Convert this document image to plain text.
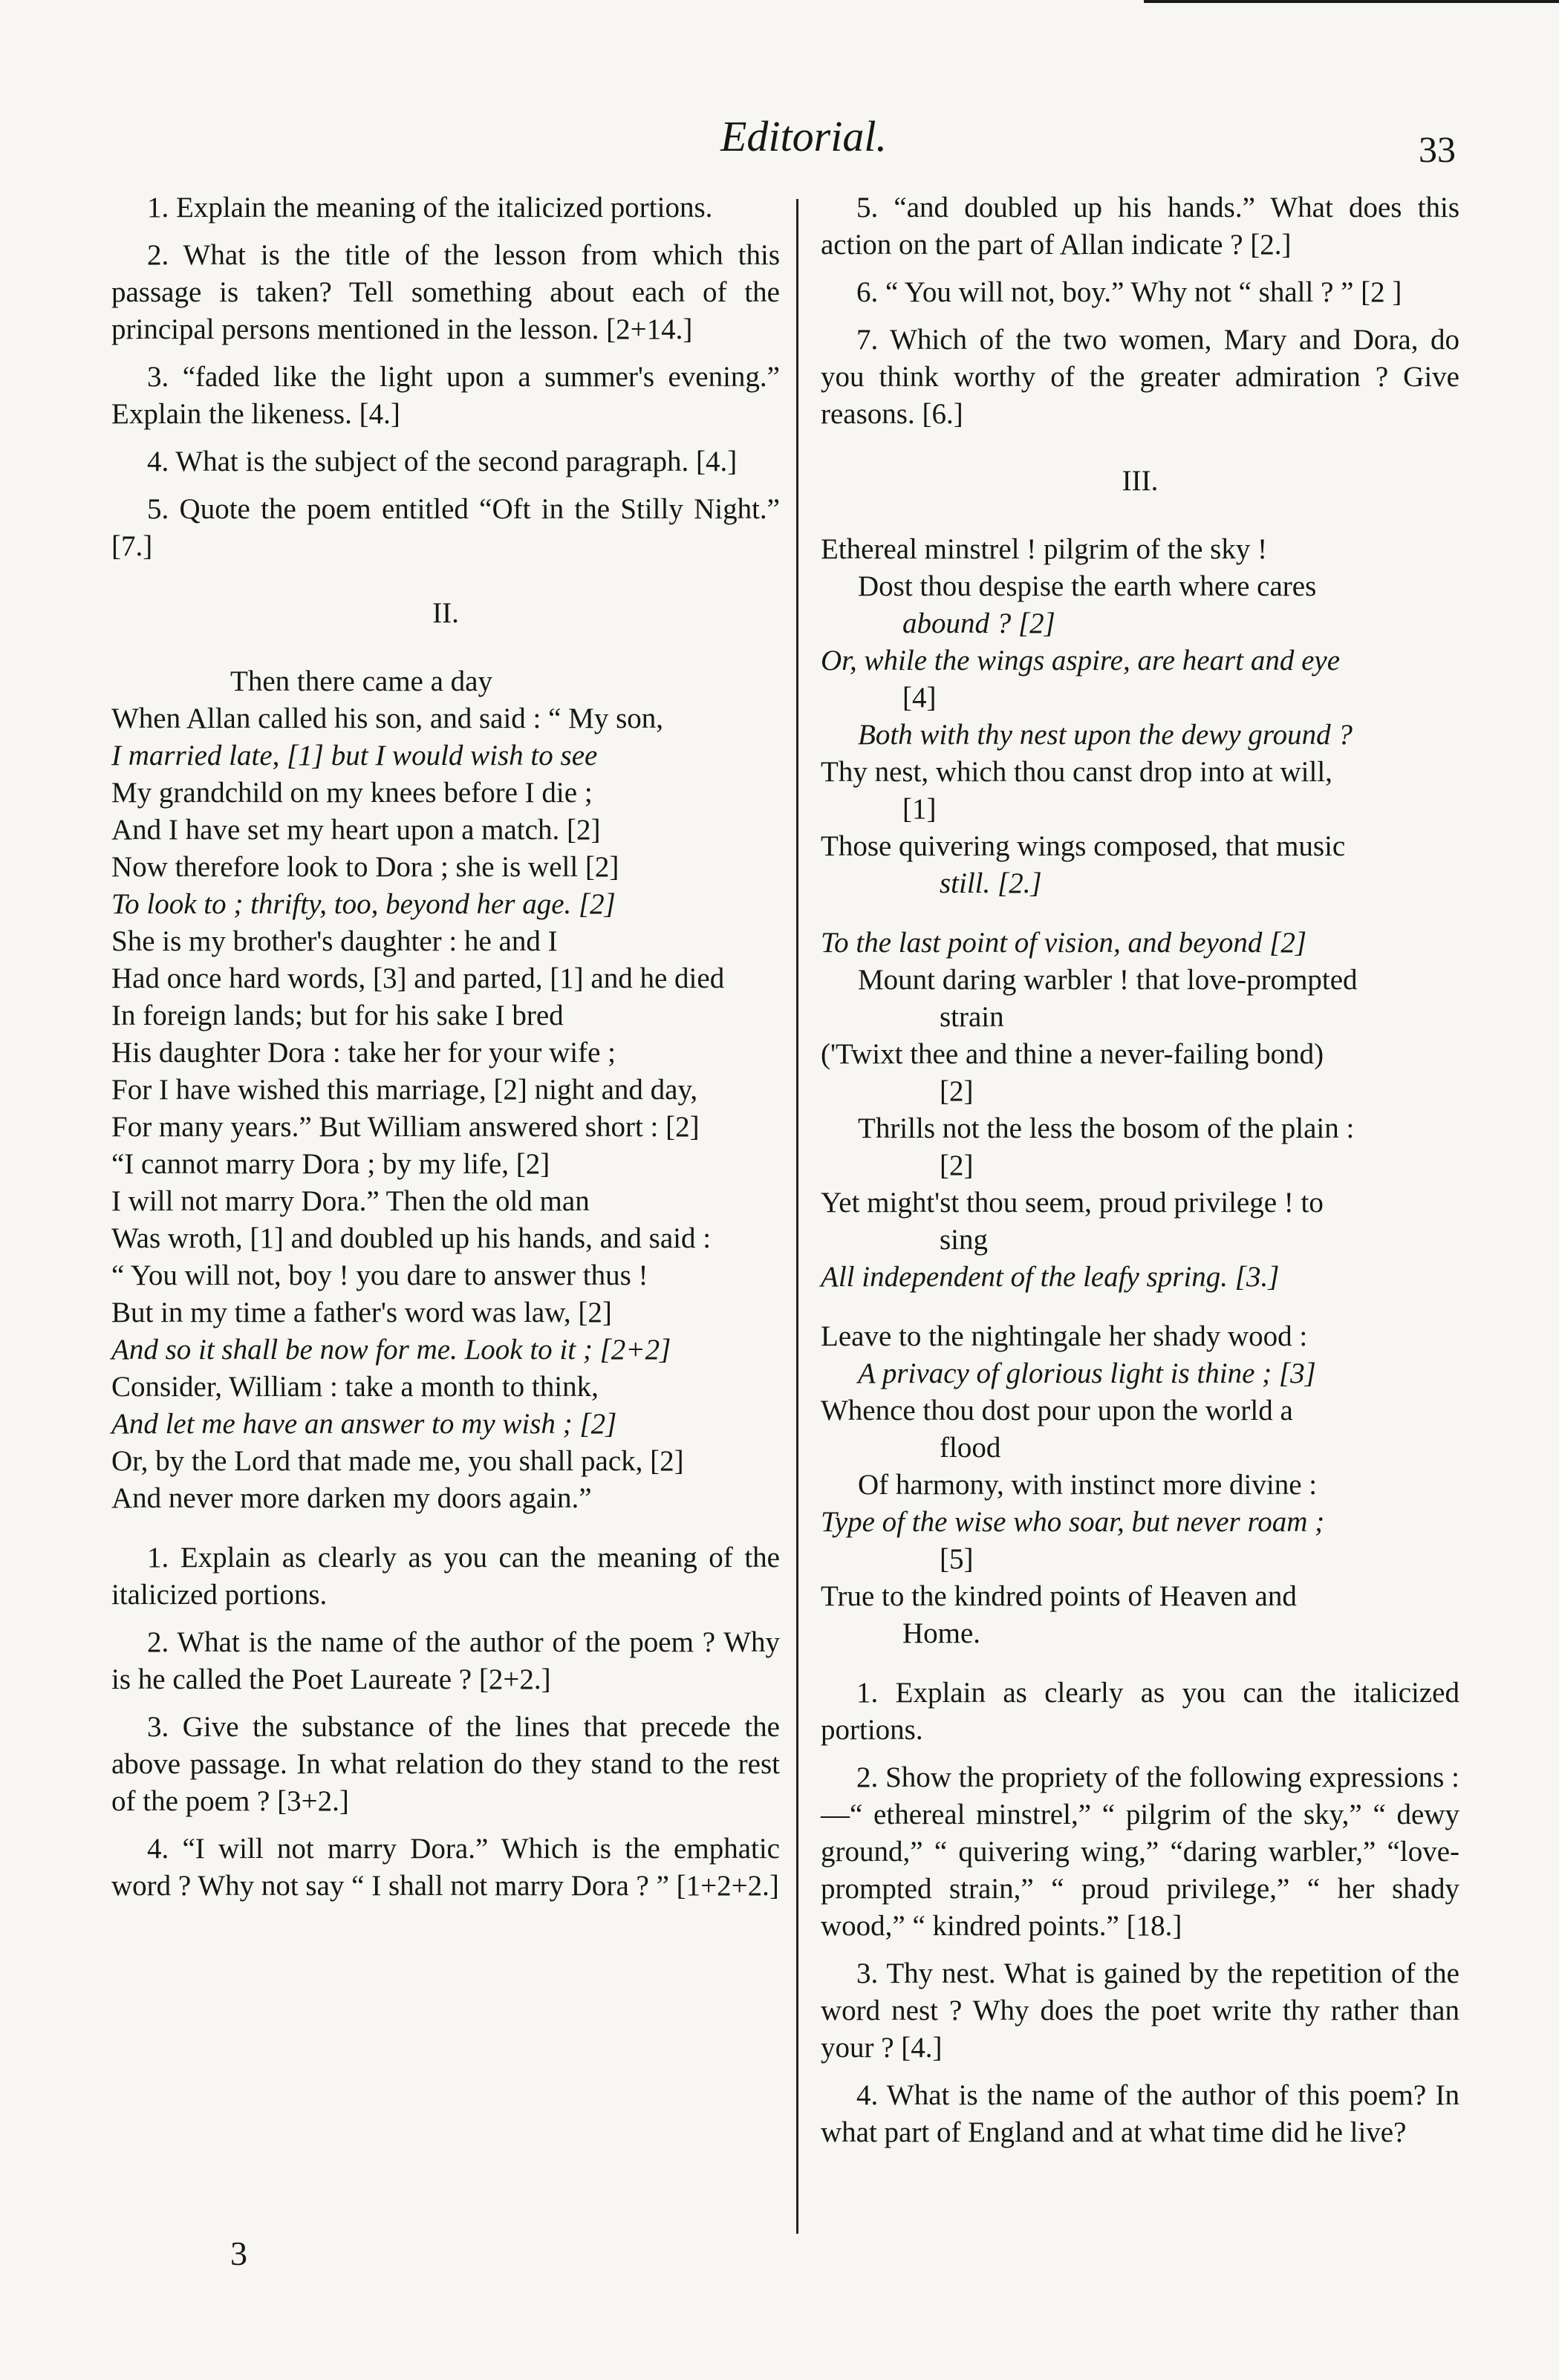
Editorial.	33

1. Explain the meaning of the italicized portions.

2. What is the title of the lesson from which this passage is taken? Tell something about each of the principal persons mentioned in the lesson. [2+14.]

3. “faded like the light upon a summer's evening.” Explain the likeness. [4.]

4. What is the subject of the second paragraph. [4.]

5. Quote the poem entitled “Oft in the Stilly Night.” [7.]

II.

Then there came a day

When Allan called his son, and said : “ My son,

I married late, [1] but I would wish to see

My grandchild on my knees before I die ;

And I have set my heart upon a match. [2]

Now therefore look to Dora ; she is well [2]

To look to ; thrifty, too, beyond her age. [2]

She is my brother's daughter : he and I

Had once hard words, [3] and parted, [1] and he died

In foreign lands; but for his sake I bred

His daughter Dora : take her for your wife ;

For I have wished this marriage, [2] night and day,

For many years.” But William answered short : [2]

“I cannot marry Dora ; by my life, [2]

I will not marry Dora.” Then the old man

Was wroth, [1] and doubled up his hands, and said :

“ You will not, boy ! you dare to answer thus !

But in my time a father's word was law, [2]

And so it shall be now for me. Look to it ; [2+2]

Consider, William : take a month to think,

And let me have an answer to my wish ; [2]

Or, by the Lord that made me, you shall pack, [2]

And never more darken my doors again.”

1. Explain as clearly as you can the meaning of the italicized portions.

2. What is the name of the author of the poem ? Why is he called the Poet Laureate ? [2+2.]

3. Give the substance of the lines that precede the above passage. In what relation do they stand to the rest of the poem ? [3+2.]

4. “I will not marry Dora.” Which is the emphatic word ? Why not say “ I shall not marry Dora ? ” [1+2+2.]

5. “and doubled up his hands.” What does this action on the part of Allan indicate ? [2.]

6. “ You will not, boy.” Why not “ shall ? ” [2 ]

7. Which of the two women, Mary and Dora, do you think worthy of the greater admiration ? Give reasons. [6.]

III.

Ethereal minstrel ! pilgrim of the sky !

Dost thou despise the earth where cares

abound ? [2]

Or, while the wings aspire, are heart and eye

[4]

Both with thy nest upon the dewy ground ?

Thy nest, which thou canst drop into at will,

[1]

Those quivering wings composed, that music

still. [2.]

To the last point of vision, and beyond [2]

Mount daring warbler ! that love-prompted

strain

('Twixt thee and thine a never-failing bond)

[2]

Thrills not the less the bosom of the plain :

[2]

Yet might'st thou seem, proud privilege ! to

sing

All independent of the leafy spring. [3.]

Leave to the nightingale her shady wood :

A privacy of glorious light is thine ; [3]

Whence thou dost pour upon the world a

flood

Of harmony, with instinct more divine :

Type of the wise who soar, but never roam ;

[5]

True to the kindred points of Heaven and

Home.

1. Explain as clearly as you can the italicized portions.

2. Show the propriety of the following expressions :—“ ethereal minstrel,” “ pilgrim of the sky,” “ dewy ground,” “ quivering wing,” “daring warbler,” “love-prompted strain,” “ proud privilege,” “ her shady wood,” “ kindred points.” [18.]

3. Thy nest. What is gained by the repetition of the word nest ? Why does the poet write thy rather than your ? [4.]

4. What is the name of the author of this poem? In what part of England and at what time did he live?

3
